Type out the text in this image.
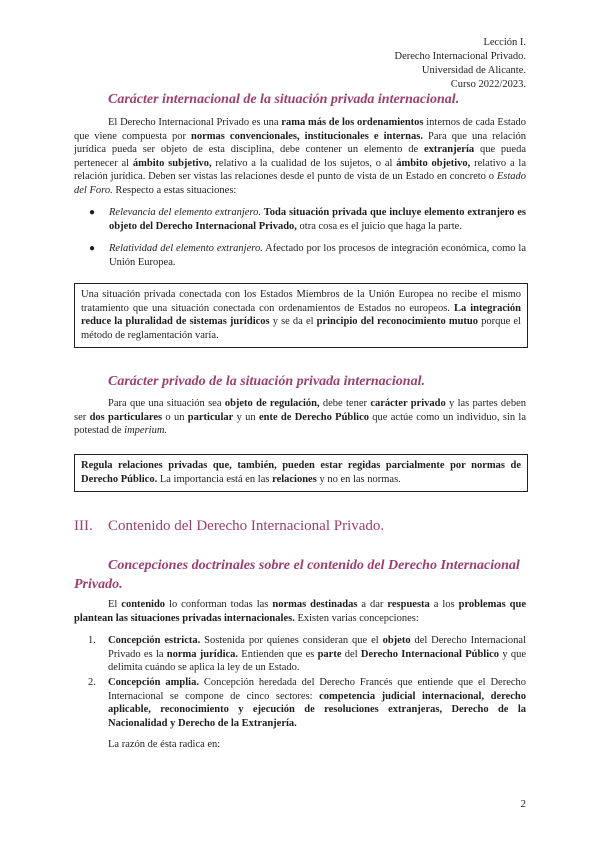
Lección I.
Derecho Internacional Privado.
Universidad de Alicante.
Curso 2022/2023.
Carácter internacional de la situación privada internacional.
El Derecho Internacional Privado es una rama más de los ordenamientos internos de cada Estado que viene compuesta por normas convencionales, institucionales e internas. Para que una relación jurídica pueda ser objeto de esta disciplina, debe contener un elemento de extranjería que pueda pertenecer al ámbito subjetivo, relativo a la cualidad de los sujetos, o al ámbito objetivo, relativo a la relación jurídica. Deben ser vistas las relaciones desde el punto de vista de un Estado en concreto o Estado del Foro. Respecto a estas situaciones:
● Relevancia del elemento extranjero. Toda situación privada que incluye elemento extranjero es objeto del Derecho Internacional Privado, otra cosa es el juicio que haga la parte.
● Relatividad del elemento extranjero. Afectado por los procesos de integración económica, como la Unión Europea.
Una situación privada conectada con los Estados Miembros de la Unión Europea no recibe el mismo tratamiento que una situación conectada con ordenamientos de Estados no europeos. La integración reduce la pluralidad de sistemas jurídicos y se da el principio del reconocimiento mutuo porque el método de reglamentación varía.
Carácter privado de la situación privada internacional.
Para que una situación sea objeto de regulación, debe tener carácter privado y las partes deben ser dos particulares o un particular y un ente de Derecho Público que actúe como un individuo, sin la potestad de imperium.
Regula relaciones privadas que, también, pueden estar regidas parcialmente por normas de Derecho Público. La importancia está en las relaciones y no en las normas.
III. Contenido del Derecho Internacional Privado.
Concepciones doctrinales sobre el contenido del Derecho Internacional Privado.
El contenido lo conforman todas las normas destinadas a dar respuesta a los problemas que plantean las situaciones privadas internacionales. Existen varias concepciones:
1. Concepción estricta. Sostenida por quienes consideran que el objeto del Derecho Internacional Privado es la norma jurídica. Entienden que es parte del Derecho Internacional Público y que delimita cuándo se aplica la ley de un Estado.
2. Concepción amplia. Concepción heredada del Derecho Francés que entiende que el Derecho Internacional se compone de cinco sectores: competencia judicial internacional, derecho aplicable, reconocimiento y ejecución de resoluciones extranjeras, Derecho de la Nacionalidad y Derecho de la Extranjería.
La razón de ésta radica en:
2
